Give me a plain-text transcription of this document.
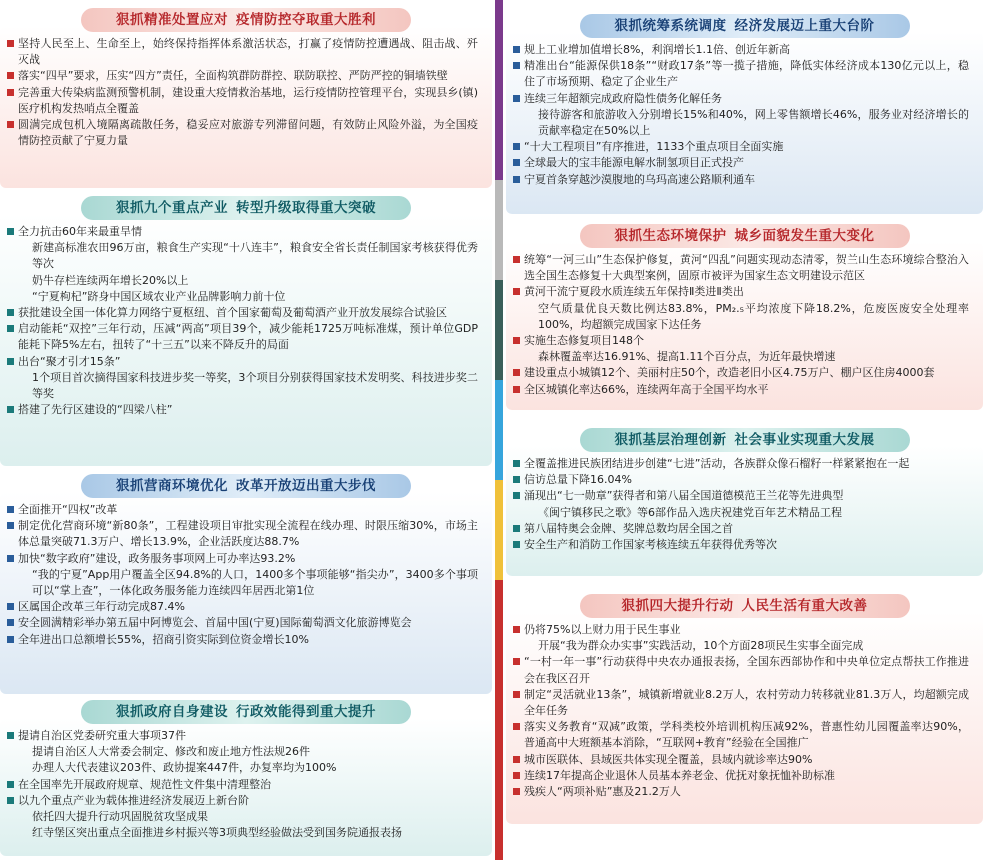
狠抓精准处置应对 疫情防控夺取重大胜利
坚持人民至上、生命至上，始终保持指挥体系激活状态，打赢了疫情防控遭遇战、阻击战、歼灭战
落实“四早”要求，压实“四方”责任，全面构筑群防群控、联防联控、严防严控的铜墙铁壁
完善重大传染病监测预警机制，建设重大疫情救治基地，运行疫情防控管理平台，实现县乡(镇)医疗机构发热哨点全覆盖
圆满完成包机入境隔离疏散任务，稳妥应对旅游专列滞留问题，有效防止风险外溢，为全国疫情防控贡献了宁夏力量
狠抓九个重点产业 转型升级取得重大突破
全力抗击60年来最重旱情
新建高标准农田96万亩，粮食生产实现“十八连丰”，粮食安全省长责任制国家考核获得优秀等次
奶牛存栏连续两年增长20%以上
“宁夏枸杞”跻身中国区域农业产业品牌影响力前十位
获批建设全国一体化算力网络宁夏枢纽、首个国家葡萄及葡萄酒产业开放发展综合试验区
启动能耗“双控”三年行动，压减“两高”项目39个，减少能耗1725万吨标准煤，预计单位GDP能耗下降5%左右，扭转了“十三五”以来不降反升的局面
出台“聚才引才15条”
1个项目首次摘得国家科技进步奖一等奖，3个项目分别获得国家技术发明奖、科技进步奖二等奖
搭建了先行区建设的“四梁八柱”
狠抓营商环境优化 改革开放迈出重大步伐
全面推开“四权”改革
制定优化营商环境“新80条”，工程建设项目审批实现全流程在线办理、时限压缩30%，市场主体总量突破71.3万户、增长13.9%，企业活跃度达88.7%
加快“数字政府”建设，政务服务事项网上可办率达93.2%
“我的宁夏”App用户覆盖全区94.8%的人口，1400多个事项能够“指尖办”，3400多个事项可以“掌上查”，一体化政务服务能力连续四年居西北第1位
区属国企改革三年行动完成87.4%
安全圆满精彩举办第五届中阿博览会、首届中国(宁夏)国际葡萄酒文化旅游博览会
全年进出口总额增长55%，招商引资实际到位资金增长10%
狠抓政府自身建设 行政效能得到重大提升
提请自治区党委研究重大事项37件
提请自治区人大常委会制定、修改和废止地方性法规26件
办理人大代表建议203件、政协提案447件，办复率均为100%
在全国率先开展政府规章、规范性文件集中清理整治
以九个重点产业为载体推进经济发展迈上新台阶
依托四大提升行动巩固脱贫攻坚成果
红寺堡区突出重点全面推进乡村振兴等3项典型经验做法受到国务院通报表扬
狠抓统筹系统调度 经济发展迈上重大台阶
规上工业增加值增长8%，利润增长1.1倍、创近年新高
精准出台“能源保供18条”“财政17条”等一揽子措施，降低实体经济成本130亿元以上，稳住了市场预期、稳定了企业生产
连续三年超额完成政府隐性债务化解任务
接待游客和旅游收入分别增长15%和40%，网上零售额增长46%，服务业对经济增长的贡献率稳定在50%以上
“十大工程项目”有序推进，1133个重点项目全面实施
全球最大的宝丰能源电解水制氢项目正式投产
宁夏首条穿越沙漠腹地的乌玛高速公路顺利通车
狠抓生态环境保护 城乡面貌发生重大变化
统筹“一河三山”生态保护修复，黄河“四乱”问题实现动态清零，贺兰山生态环境综合整治入选全国生态修复十大典型案例，固原市被评为国家生态文明建设示范区
黄河干流宁夏段水质连续五年保持Ⅱ类进Ⅱ类出
空气质量优良天数比例达83.8%，PM₂.₅平均浓度下降18.2%，危废医废安全处理率100%，均超额完成国家下达任务
实施生态修复项目148个
森林覆盖率达16.91%、提高1.11个百分点，为近年最快增速
建设重点小城镇12个、美丽村庄50个，改造老旧小区4.75万户、棚户区住房4000套
全区城镇化率达66%，连续两年高于全国平均水平
狠抓基层治理创新 社会事业实现重大发展
全覆盖推进民族团结进步创建“七进”活动，各族群众像石榴籽一样紧紧抱在一起
信访总量下降16.04%
涌现出“七一勋章”获得者和第八届全国道德模范王兰花等先进典型
《闽宁镇移民之歌》等6部作品入选庆祝建党百年艺术精品工程
第八届特奥会金牌、奖牌总数均居全国之首
安全生产和消防工作国家考核连续五年获得优秀等次
狠抓四大提升行动 人民生活有重大改善
仍将75%以上财力用于民生事业
开展“我为群众办实事”实践活动，10个方面28项民生实事全面完成
“一村一年一事”行动获得中央农办通报表扬，全国东西部协作和中央单位定点帮扶工作推进会在我区召开
制定“灵活就业13条”，城镇新增就业8.2万人，农村劳动力转移就业81.3万人，均超额完成全年任务
落实义务教育“双减”政策，学科类校外培训机构压减92%，普惠性幼儿园覆盖率达90%，普通高中大班额基本消除，“互联网+教育”经验在全国推广
城市医联体、县域医共体实现全覆盖，县域内就诊率达90%
连续17年提高企业退休人员基本养老金、优抚对象抚恤补助标准
残疾人“两项补贴”惠及21.2万人
